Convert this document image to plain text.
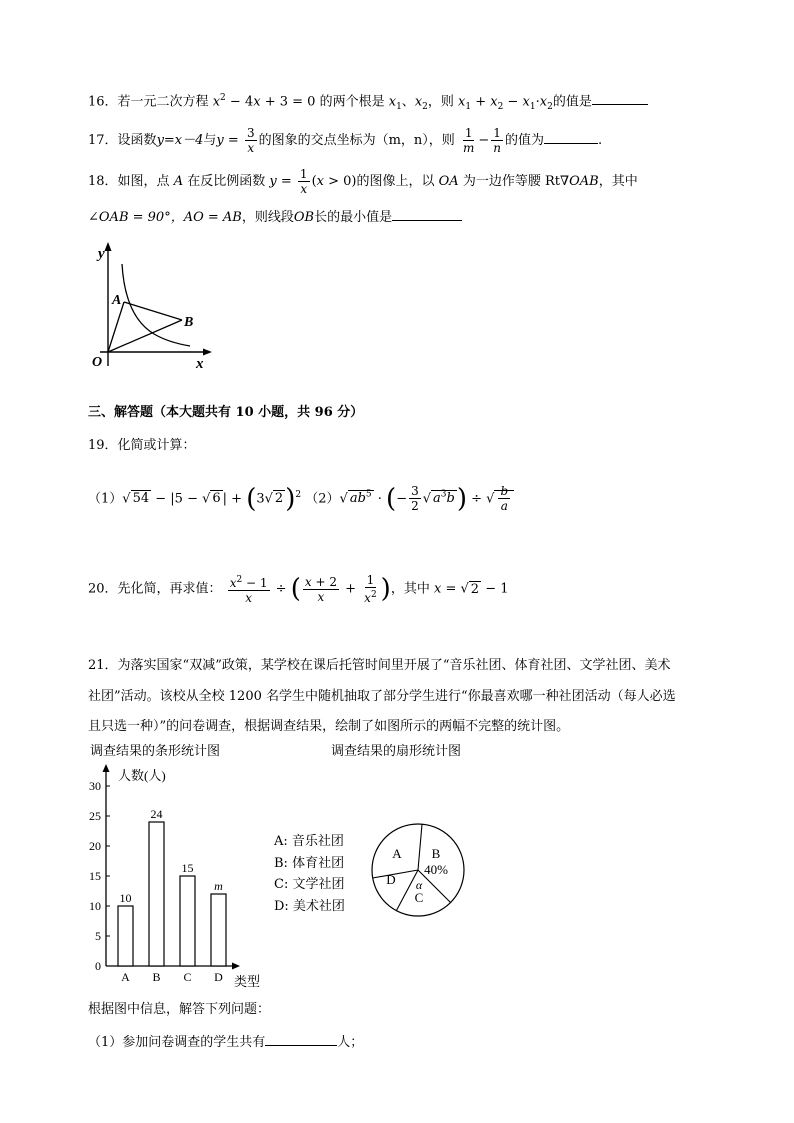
16．若一元二次方程 $x^2 - 4x + 3 = 0$ 的两个根是 $x_1$、$x_2$，则 $x_1 + x_2 - x_1\cdot x_2$的值是
17．设函数y=x－4与$y = \frac{3}{x}$ 的图象的交点坐标为（m，n），则 $\frac{1}{m} - \frac{1}{n}$ 的值为	.
18．如图，点 A 在反比例函数 $y = \frac{1}{x} (x > 0)$的图像上，以 OA 为一边作等腰 Rt∇OAB，其中
∠OAB = 90°，AO = AB，则线段OB长的最小值是
y
x
O
A
B
三、解答题（本大题共有 10 小题，共 96 分）
19．化简或计算：
（1）√ 54 − |5 − √ 6 | + (3√ 2)$^2$ （2）√ $ab^5$ · (− $\frac{3}{2}$ √ $a^3b$) ÷ √ $\frac{b}{a}$
20．先化简，再求值： $\frac{x^2 - 1}{x}$ ÷ ( $\frac{x + 2}{x} + \frac{1}{x^2}$ )，其中 x = √ 2 − 1
21．为落实国家“双减”政策，某学校在课后托管时间里开展了“音乐社团、体育社团、文学社团、美术
社团”活动。该校从全校 1200 名学生中随机抽取了部分学生进行“你最喜欢哪一种社团活动（每人必选
且只选一种）”的问卷调查，根据调查结果，绘制了如图所示的两幅不完整的统计图。
调查结果的条形统计图	调查结果的扇形统计图
0
5
10
15
20
25
30
人数(人)
类型
10
A
24
B
15
C
m
D
A: 音乐社团
B: 体育社团
C: 文学社团
D: 美术社团
A B
40%
C
α
D
根据图中信息，解答下列问题：
（1）参加问卷调查的学生共有	人；
